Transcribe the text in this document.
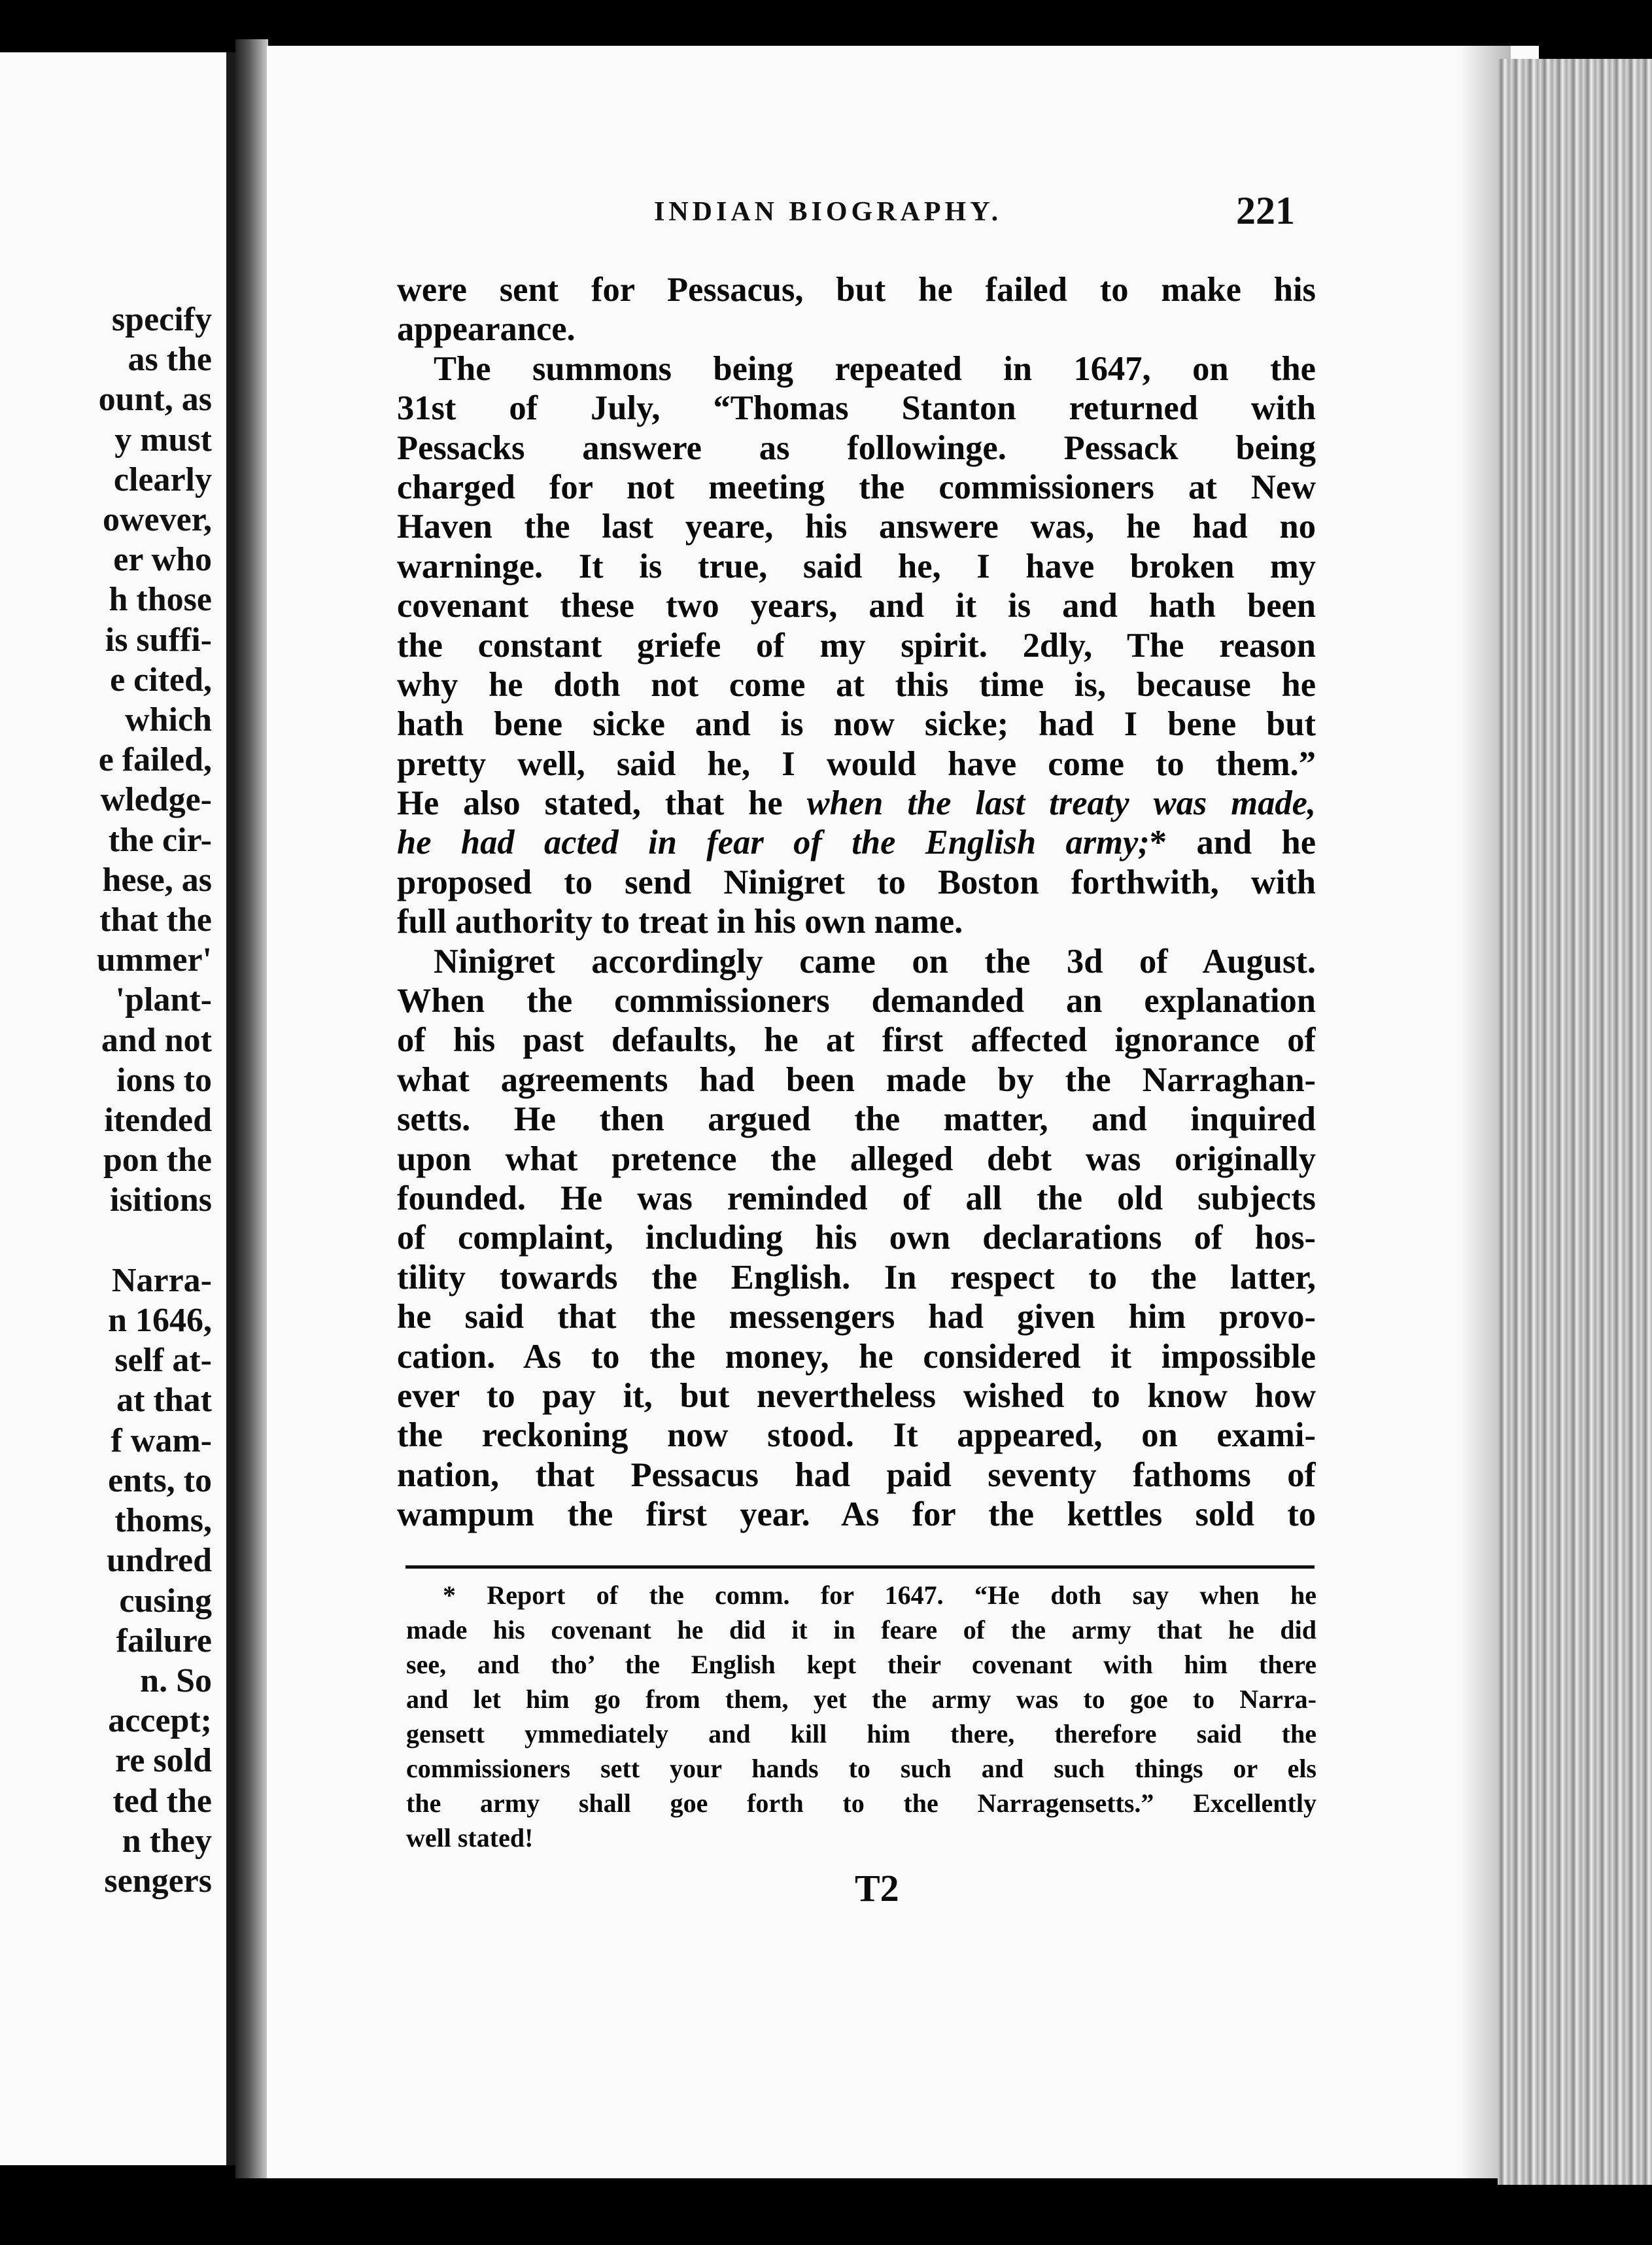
specify
as the
ount, as
y must
clearly
owever,
er who
h those
is suffi-
e cited,
which
e failed,
wledge-
the cir-
hese, as
that the
ummer'
'plant-
and not
ions to
itended
pon the
isitions

Narra-
n 1646,
self at-
at that
f wam-
ents, to
thoms,
undred
cusing
failure
n. So
accept;
re sold
ted the
n they
sengers
INDIAN BIOGRAPHY.	221
were sent for Pessacus, but he failed to make his
appearance.
The summons being repeated in 1647, on the
31st of July, “Thomas Stanton returned with
Pessacks answere as followinge. Pessack being
charged for not meeting the commissioners at New
Haven the last yeare, his answere was, he had no
warninge. It is true, said he, I have broken my
covenant these two years, and it is and hath been
the constant griefe of my spirit. 2dly, The reason
why he doth not come at this time is, because he
hath bene sicke and is now sicke; had I bene but
pretty well, said he, I would have come to them.”
He also stated, that he when the last treaty was made,
he had acted in fear of the English army;* and he
proposed to send Ninigret to Boston forthwith, with
full authority to treat in his own name.
Ninigret accordingly came on the 3d of August.
When the commissioners demanded an explanation
of his past defaults, he at first affected ignorance of
what agreements had been made by the Narraghan-
setts. He then argued the matter, and inquired
upon what pretence the alleged debt was originally
founded. He was reminded of all the old subjects
of complaint, including his own declarations of hos-
tility towards the English. In respect to the latter,
he said that the messengers had given him provo-
cation. As to the money, he considered it impossible
ever to pay it, but nevertheless wished to know how
the reckoning now stood. It appeared, on exami-
nation, that Pessacus had paid seventy fathoms of
wampum the first year. As for the kettles sold to
* Report of the comm. for 1647. “He doth say when he
made his covenant he did it in feare of the army that he did
see, and tho’ the English kept their covenant with him there
and let him go from them, yet the army was to goe to Narra-
gensett ymmediately and kill him there, therefore said the
commissioners sett your hands to such and such things or els
the army shall goe forth to the Narragensetts.” Excellently
well stated!
T2
